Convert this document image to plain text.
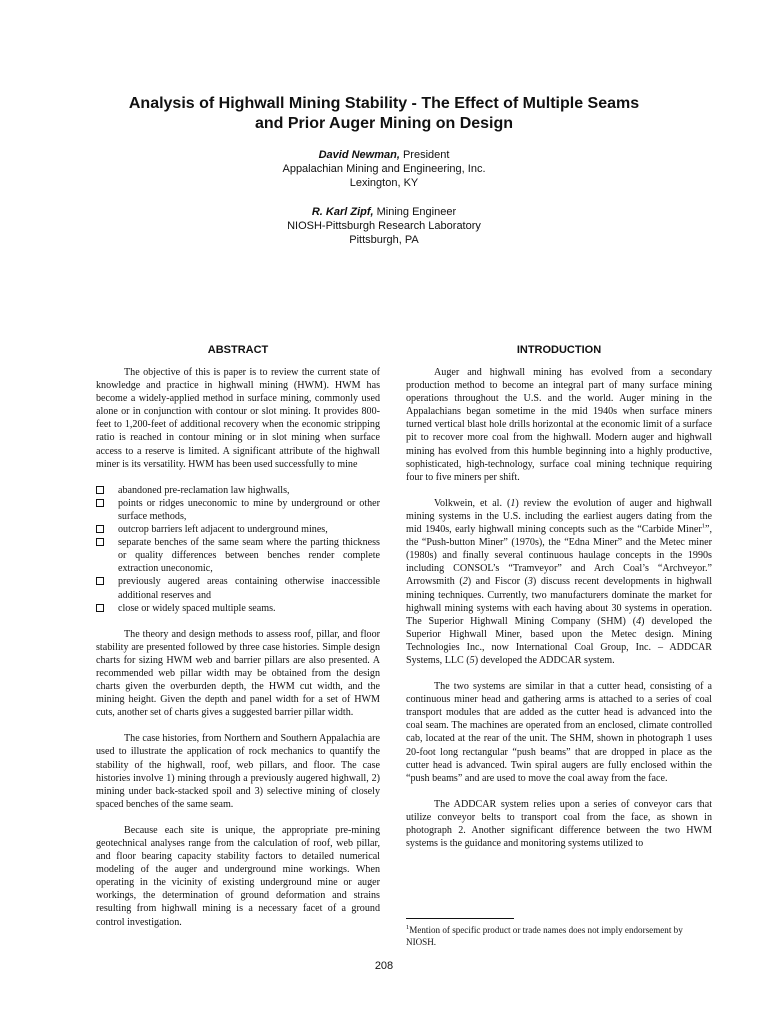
Analysis of Highwall Mining Stability - The Effect of Multiple Seams
and Prior Auger Mining on Design
David Newman, President
Appalachian Mining and Engineering, Inc.
Lexington, KY
R. Karl Zipf, Mining Engineer
NIOSH-Pittsburgh Research Laboratory
Pittsburgh, PA
ABSTRACT	INTRODUCTION

The objective of this is paper is to review the current state of knowledge and practice in highwall mining (HWM). HWM has become a widely-applied method in surface mining, commonly used alone or in conjunction with contour or slot mining. It provides 800-feet to 1,200-feet of additional recovery when the economic stripping ratio is reached in contour mining or in slot mining when surface access to a reserve is limited. A significant attribute of the highwall miner is its versatility. HWM has been used successfully to mine

abandoned pre-reclamation law highwalls,
points or ridges uneconomic to mine by underground or other surface methods,
outcrop barriers left adjacent to underground mines,
separate benches of the same seam where the parting thickness or quality differences between benches render complete extraction uneconomic,
previously augered areas containing otherwise inaccessible additional reserves and
close or widely spaced multiple seams.

The theory and design methods to assess roof, pillar, and floor stability are presented followed by three case histories. Simple design charts for sizing HWM web and barrier pillars are also presented. A recommended web pillar width may be obtained from the design charts given the overburden depth, the HWM cut width, and the mining height. Given the depth and panel width for a set of HWM cuts, another set of charts gives a suggested barrier pillar width.

The case histories, from Northern and Southern Appalachia are used to illustrate the application of rock mechanics to quantify the stability of the highwall, roof, web pillars, and floor. The case histories involve 1) mining through a previously augered highwall, 2) mining under back-stacked spoil and 3) selective mining of closely spaced benches of the same seam.

Because each site is unique, the appropriate pre-mining geotechnical analyses range from the calculation of roof, web pillar, and floor bearing capacity stability factors to detailed numerical modeling of the auger and underground mine workings. When operating in the vicinity of existing underground mine or auger workings, the determination of ground deformation and strains resulting from highwall mining is a necessary facet of a ground control investigation.

Auger and highwall mining has evolved from a secondary production method to become an integral part of many surface mining operations throughout the U.S. and the world. Auger mining in the Appalachians began sometime in the mid 1940s when surface miners turned vertical blast hole drills horizontal at the economic limit of a surface pit to recover more coal from the highwall. Modern auger and highwall mining has evolved from this humble beginning into a highly productive, sophisticated, high-technology, surface coal mining technique requiring four to five miners per shift.

Volkwein, et al. (1) review the evolution of auger and highwall mining systems in the U.S. including the earliest augers dating from the mid 1940s, early highwall mining concepts such as the “Carbide Miner$^1$”, the “Push-button Miner” (1970s), the “Edna Miner” and the Metec miner (1980s) and finally several continuous haulage concepts in the 1990s including CONSOL’s “Tramveyor” and Arch Coal’s “Archveyor.” Arrowsmith (2) and Fiscor (3) discuss recent developments in highwall mining techniques. Currently, two manufacturers dominate the market for highwall mining systems with each having about 30 systems in operation. The Superior Highwall Mining Company (SHM) (4) developed the Superior Highwall Miner, based upon the Metec design. Mining Technologies Inc., now International Coal Group, Inc. – ADDCAR Systems, LLC (5) developed the ADDCAR system.

The two systems are similar in that a cutter head, consisting of a continuous miner head and gathering arms is attached to a series of coal transport modules that are added as the cutter head is advanced into the coal seam. The machines are operated from an enclosed, climate controlled cab, located at the rear of the unit. The SHM, shown in photograph 1 uses 20-foot long rectangular “push beams” that are dropped in place as the cutter head is advanced. Twin spiral augers are fully enclosed within the “push beams” and are used to move the coal away from the face.

The ADDCAR system relies upon a series of conveyor cars that utilize conveyor belts to transport coal from the face, as shown in photograph 2. Another significant difference between the two HWM systems is the guidance and monitoring systems utilized to

$^1$Mention of specific product or trade names does not imply endorsement by NIOSH.
208
